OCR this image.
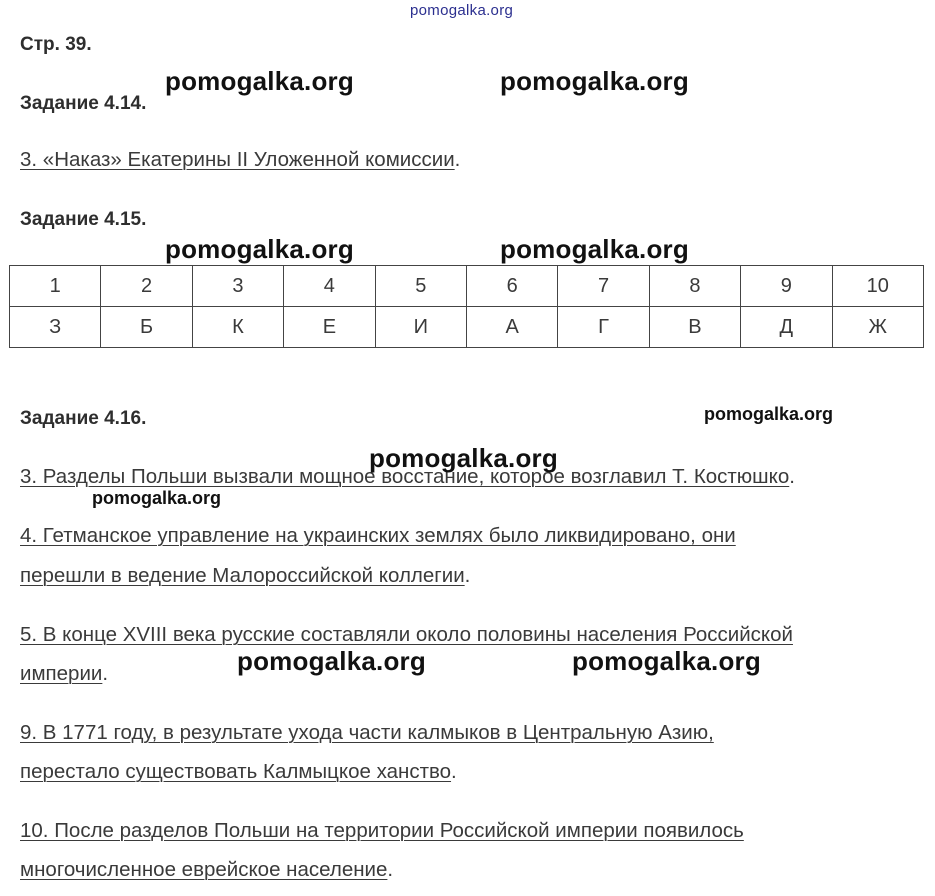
pomogalka.org
Стр. 39.
Задание 4.14.
3. «Наказ» Екатерины II Уложенной комиссии.
Задание 4.15.
1	2	3	4	5	6	7	8	9	10
З	Б	К	Е	И	А	Г	В	Д	Ж
Задание 4.16.
3. Разделы Польши вызвали мощное восстание, которое возглавил Т. Костюшко.
4. Гетманское управление на украинских землях было ликвидировано, они
перешли в ведение Малороссийской коллегии.
5. В конце XVIII века русские составляли около половины населения Российской
империи.
9. В 1771 году, в результате ухода части калмыков в Центральную Азию,
перестало существовать Калмыцкое ханство.
10. После разделов Польши на территории Российской империи появилось
многочисленное еврейское население.
pomogalka.org	pomogalka.org
pomogalka.org	pomogalka.org
pomogalka.org
pomogalka.org
pomogalka.org
pomogalka.org	pomogalka.org
